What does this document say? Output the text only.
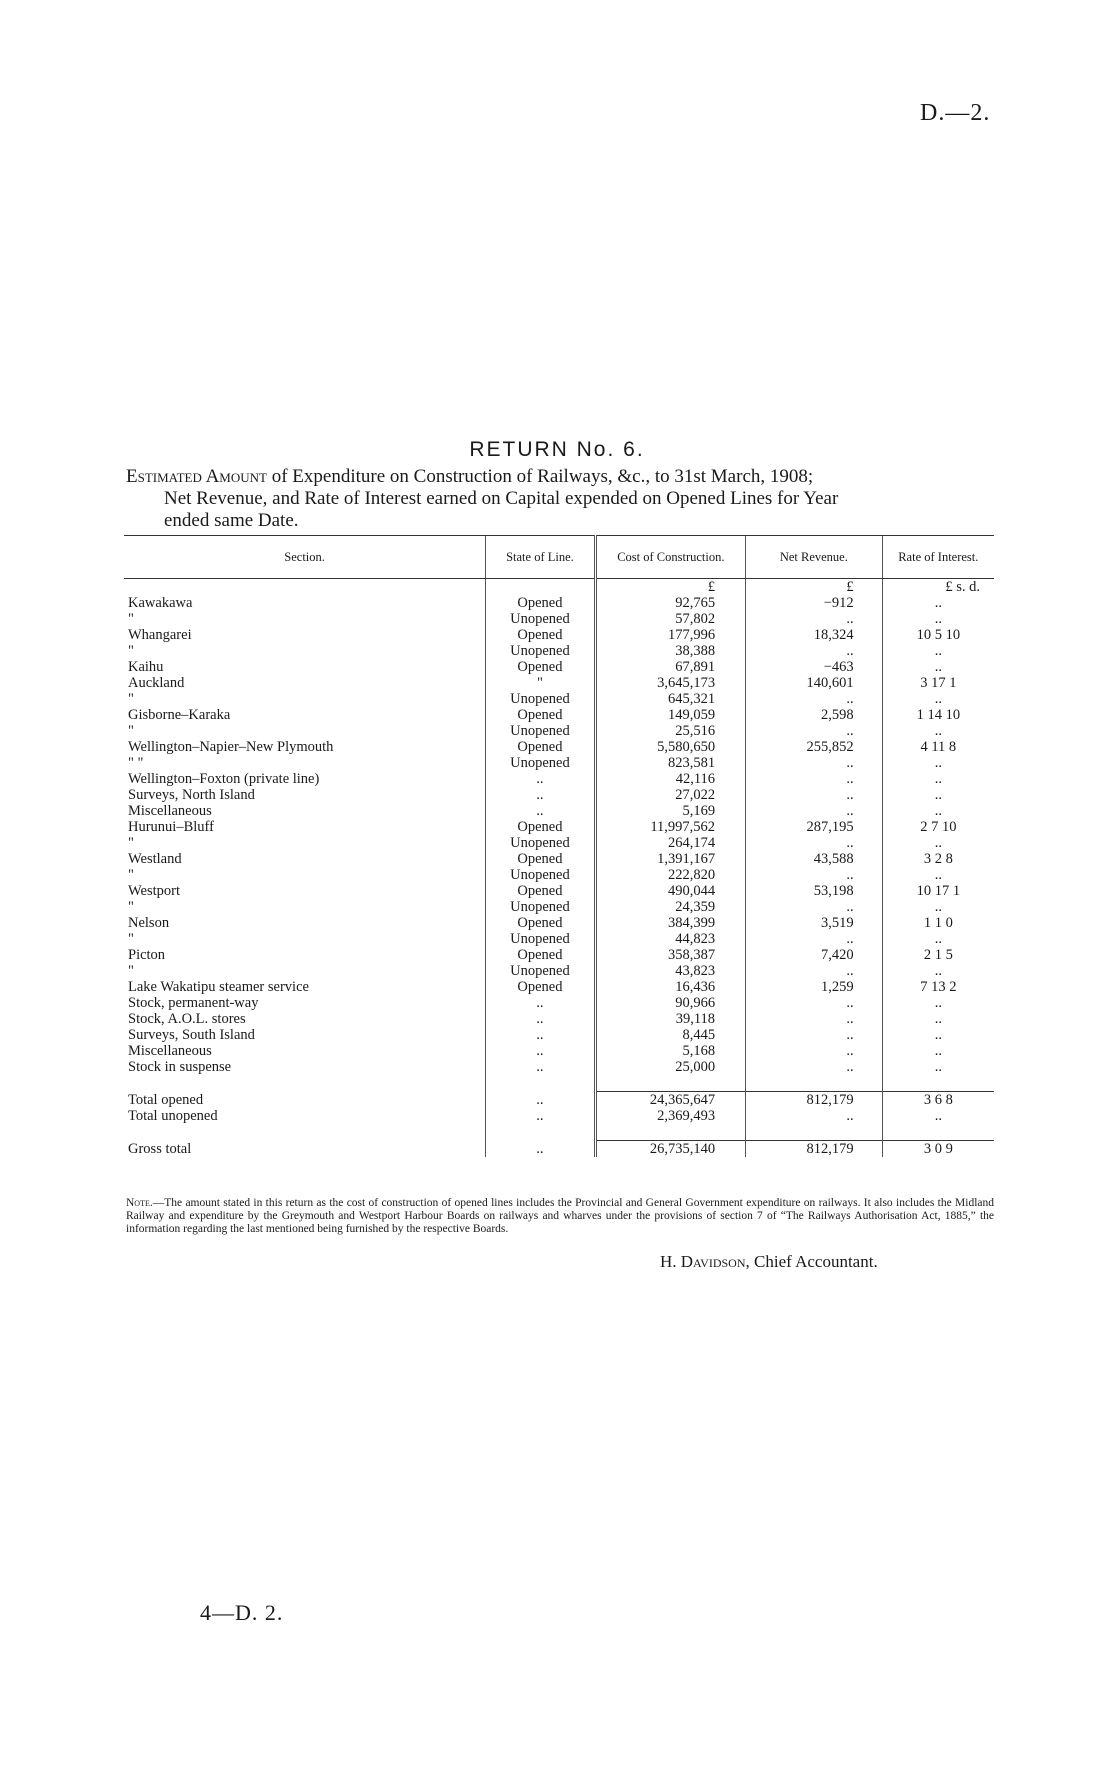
D.—2.
RETURN No. 6.
Estimated Amount of Expenditure on Construction of Railways, &c., to 31st March, 1908;
Net Revenue, and Rate of Interest earned on Capital expended on Opened Lines for Year
ended same Date.
Section.	State of Line.	Cost of Construction.	Net Revenue.	Rate of Interest.
		£	£	£ s. d.
Kawakawa	Opened	92,765	−912	..
"	Unopened	57,802	..	..
Whangarei	Opened	177,996	18,324	10 5 10
"	Unopened	38,388	..	..
Kaihu	Opened	67,891	−463	..
Auckland	"	3,645,173	140,601	3 17 1
"	Unopened	645,321	..	..
Gisborne–Karaka	Opened	149,059	2,598	1 14 10
"	Unopened	25,516	..	..
Wellington–Napier–New Plymouth	Opened	5,580,650	255,852	4 11 8
" "	Unopened	823,581	..	..
Wellington–Foxton (private line)	..	42,116	..	..
Surveys, North Island	..	27,022	..	..
Miscellaneous	..	5,169	..	..
Hurunui–Bluff	Opened	11,997,562	287,195	2 7 10
"	Unopened	264,174	..	..
Westland	Opened	1,391,167	43,588	3 2 8
"	Unopened	222,820	..	..
Westport	Opened	490,044	53,198	10 17 1
"	Unopened	24,359	..	..
Nelson	Opened	384,399	3,519	1 1 0
"	Unopened	44,823	..	..
Picton	Opened	358,387	7,420	2 1 5
"	Unopened	43,823	..	..
Lake Wakatipu steamer service	Opened	16,436	1,259	7 13 2
Stock, permanent-way	..	90,966	..	..
Stock, A.O.L. stores	..	39,118	..	..
Surveys, South Island	..	8,445	..	..
Miscellaneous	..	5,168	..	..
Stock in suspense	..	25,000	..	..

Total opened	..	24,365,647	812,179	3 6 8
Total unopened	..	2,369,493	..	..

Gross total	..	26,735,140	812,179	3 0 9
Note.—The amount stated in this return as the cost of construction of opened lines includes the Provincial and General Government expenditure on railways. It also includes the Midland Railway and expenditure by the Greymouth and Westport Harbour Boards on railways and wharves under the provisions of section 7 of “The Railways Authorisation Act, 1885,” the information regarding the last mentioned being furnished by the respective Boards.
H. Davidson, Chief Accountant.
4—D. 2.
